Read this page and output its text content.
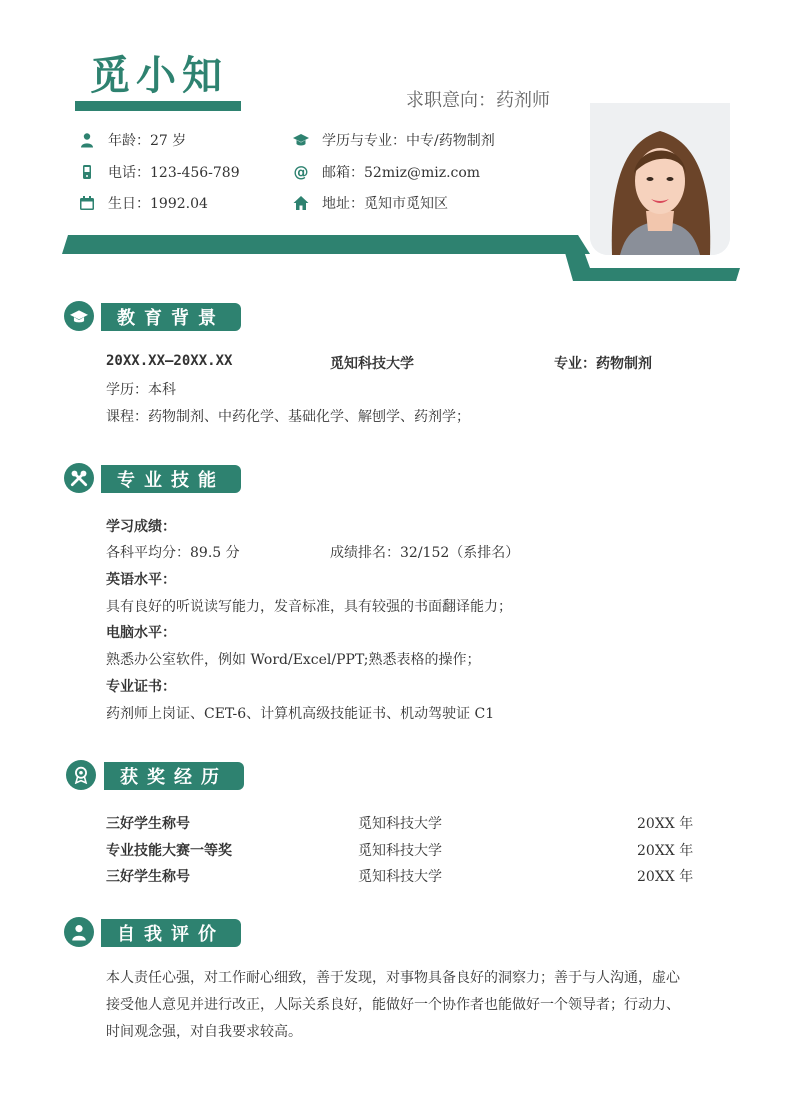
觅小知
求职意向：药剂师
年龄：27 岁
电话：123-456-789
生日：1992.04
学历与专业：中专/药物制剂
@ 邮箱：52miz@miz.com
地址：觅知市觅知区
教育背景
20XX.XX—20XX.XX	觅知科技大学	专业：药物制剂
学历：本科
课程：药物制剂、中药化学、基础化学、解刨学、药剂学；
专业技能
学习成绩：
各科平均分：89.5 分	成绩排名：32/152（系排名）
英语水平：
具有良好的听说读写能力，发音标准，具有较强的书面翻译能力；
电脑水平：
熟悉办公室软件，例如 Word/Excel/PPT;熟悉表格的操作；
专业证书：
药剂师上岗证、CET-6、计算机高级技能证书、机动驾驶证 C1
获奖经历
三好学生称号	觅知科技大学	20XX 年
专业技能大赛一等奖	觅知科技大学	20XX 年
三好学生称号	觅知科技大学	20XX 年
自我评价
本人责任心强，对工作耐心细致，善于发现，对事物具备良好的洞察力；善于与人沟通，虚心
接受他人意见并进行改正，人际关系良好，能做好一个协作者也能做好一个领导者；行动力、
时间观念强，对自我要求较高。
